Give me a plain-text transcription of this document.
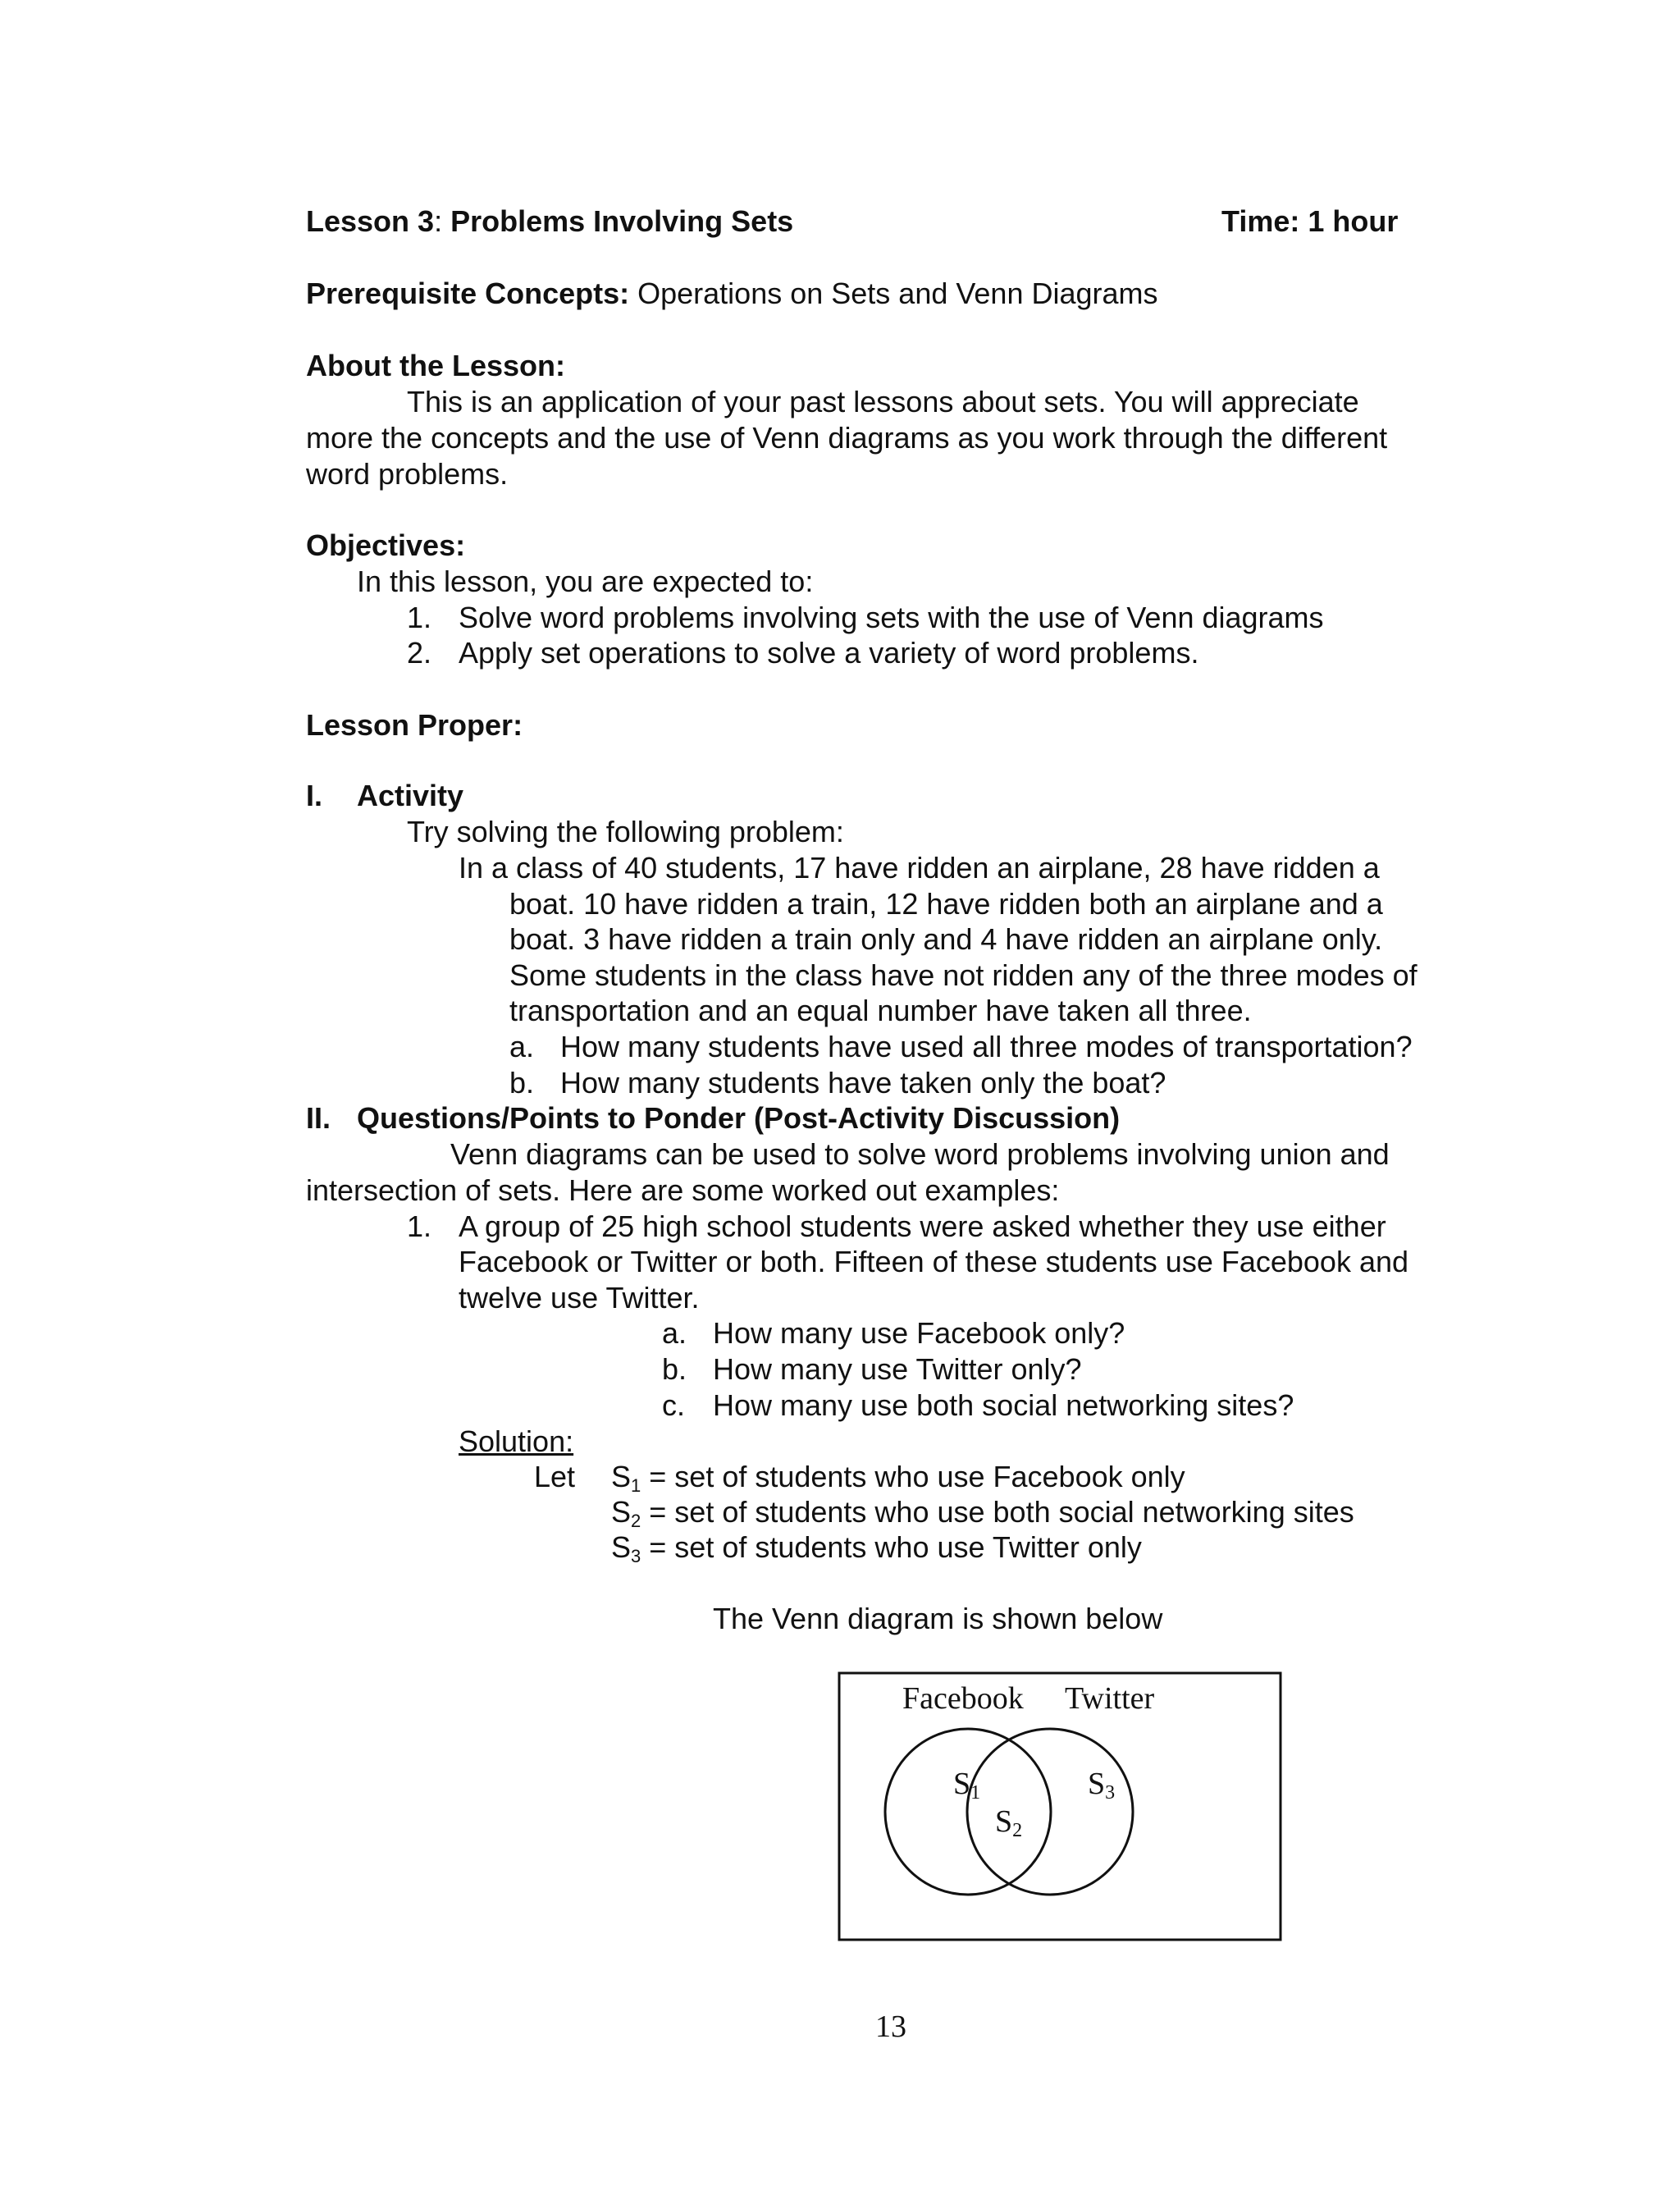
Lesson 3: Problems Involving Sets	Time: 1 hour

Prerequisite Concepts: Operations on Sets and Venn Diagrams

About the Lesson:

This is an application of your past lessons about sets. You will appreciate

more the concepts and the use of Venn diagrams as you work through the different

word problems.

Objectives:

In this lesson, you are expected to:

1. Solve word problems involving sets with the use of Venn diagrams

2. Apply set operations to solve a variety of word problems.

Lesson Proper:

I. Activity

Try solving the following problem:

In a class of 40 students, 17 have ridden an airplane, 28 have ridden a

boat. 10 have ridden a train, 12 have ridden both an airplane and a

boat. 3 have ridden a train only and 4 have ridden an airplane only.

Some students in the class have not ridden any of the three modes of

transportation and an equal number have taken all three.

a. How many students have used all three modes of transportation?

b. How many students have taken only the boat?

II. Questions/Points to Ponder (Post-Activity Discussion)

Venn diagrams can be used to solve word problems involving union and

intersection of sets. Here are some worked out examples:

1. A group of 25 high school students were asked whether they use either

Facebook or Twitter or both. Fifteen of these students use Facebook and

twelve use Twitter.

a. How many use Facebook only?

b. How many use Twitter only?

c. How many use both social networking sites?

Solution:

Let $S_1$ = set of students who use Facebook only

$S_2$ = set of students who use both social networking sites

$S_3$ = set of students who use Twitter only

The Venn diagram is shown below

Facebook Twitter
S1
S2
S3
13
